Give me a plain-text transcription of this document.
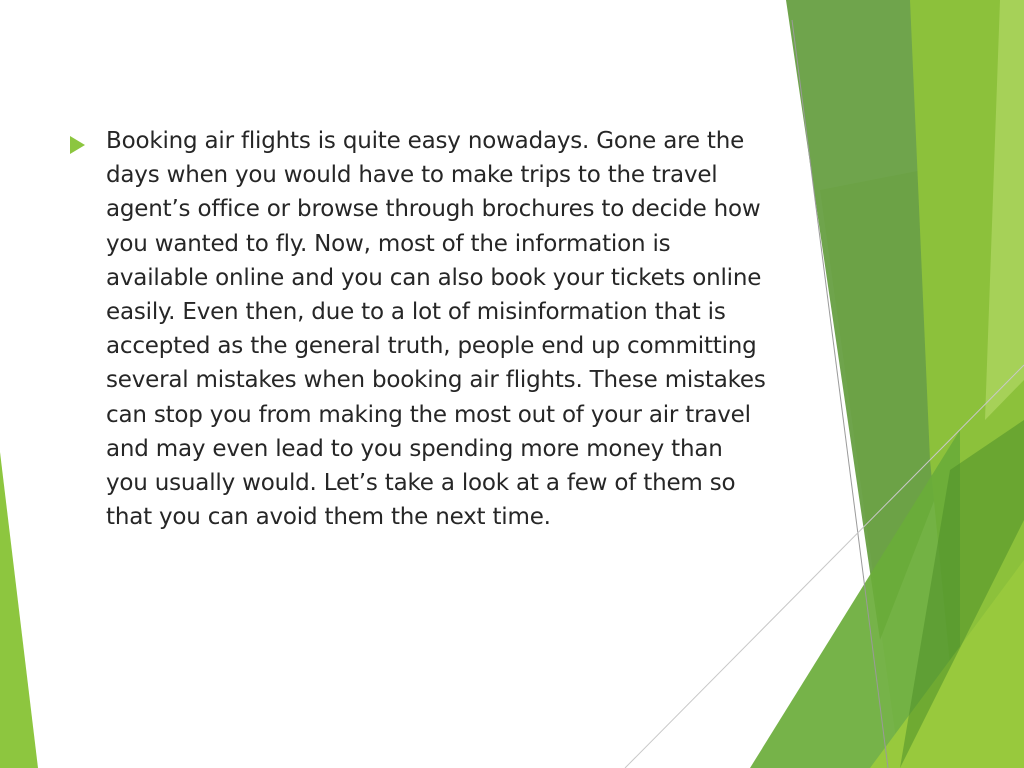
Booking air flights is quite easy nowadays. Gone are the days when you would have to make trips to the travel agent’s office or browse through brochures to decide how you wanted to fly. Now, most of the information is available online and you can also book your tickets online easily. Even then, due to a lot of misinformation that is accepted as the general truth, people end up committing several mistakes when booking air flights. These mistakes can stop you from making the most out of your air travel and may even lead to you spending more money than you usually would. Let’s take a look at a few of them so that you can avoid them the next time.
